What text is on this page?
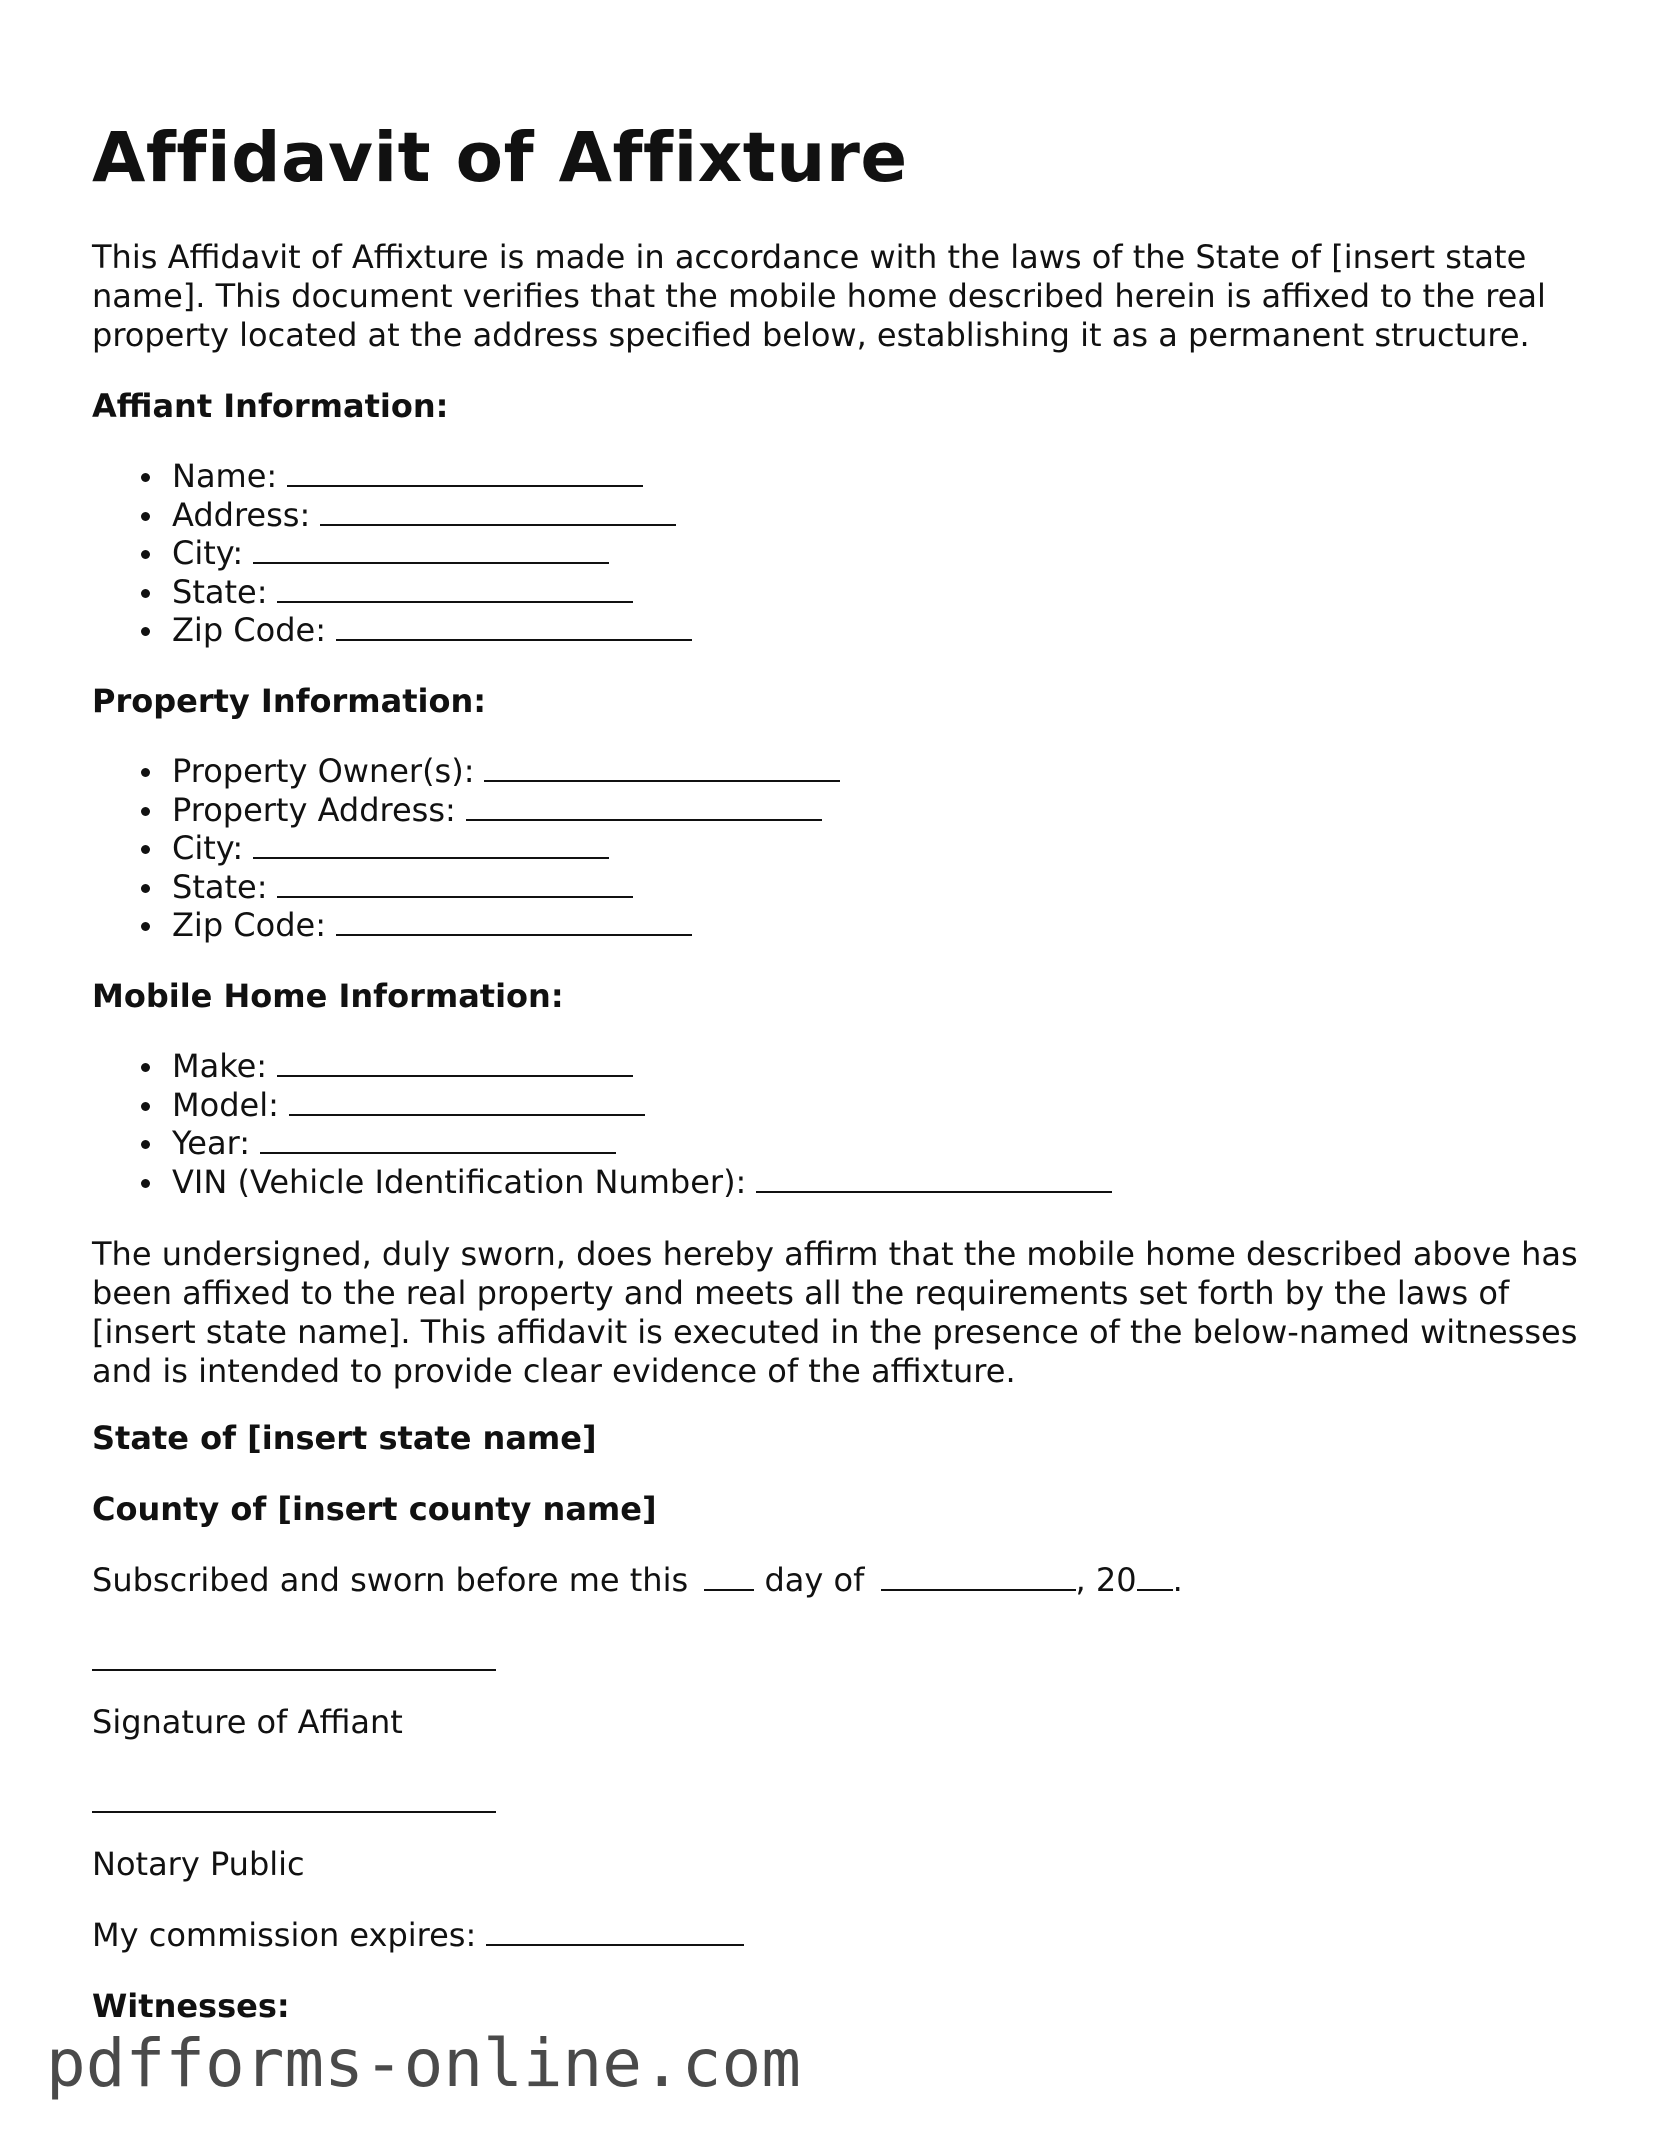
Affidavit of Affixture

This Affidavit of Affixture is made in accordance with the laws of the State of [insert state name]. This document verifies that the mobile home described herein is affixed to the real property located at the address specified below, establishing it as a permanent structure.

Affiant Information:
Name:
Address:
City:
State:
Zip Code:
Property Information:
Property Owner(s):
Property Address:
City:
State:
Zip Code:
Mobile Home Information:
Make:
Model:
Year:
VIN (Vehicle Identification Number):

The undersigned, duly sworn, does hereby affirm that the mobile home described above has been affixed to the real property and meets all the requirements set forth by the laws of [insert state name]. This affidavit is executed in the presence of the below-named witnesses and is intended to provide clear evidence of the affixture.

State of [insert state name]
County of [insert county name]
Subscribed and sworn before me this day of	, 20 .
Signature of Affiant
Notary Public
My commission expires:
Witnesses:
pdfforms-online.com
